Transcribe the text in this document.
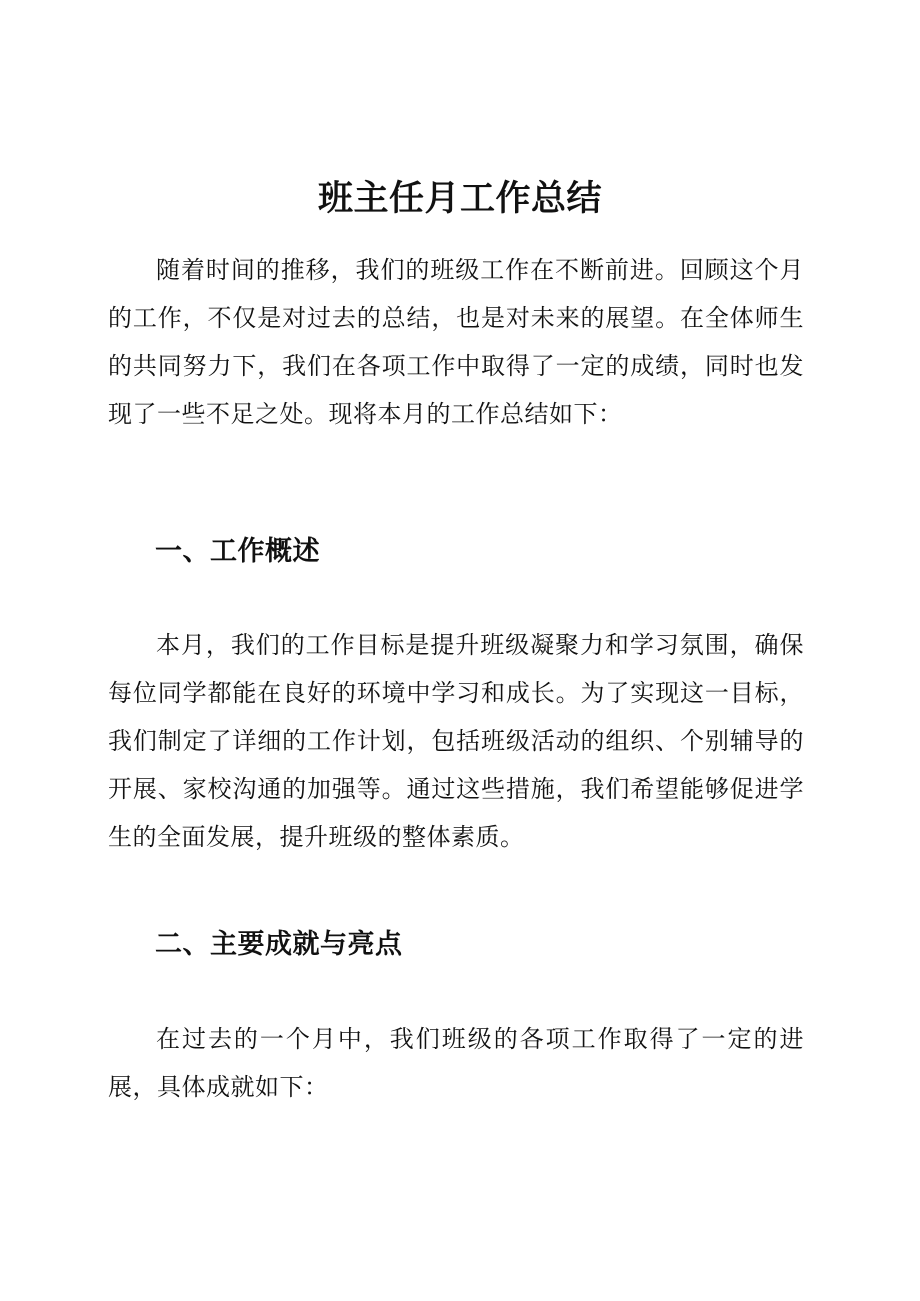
班主任月工作总结

随着时间的推移，我们的班级工作在不断前进。回顾这个月的工作，不仅是对过去的总结，也是对未来的展望。在全体师生的共同努力下，我们在各项工作中取得了一定的成绩，同时也发现了一些不足之处。现将本月的工作总结如下：

一、工作概述

本月，我们的工作目标是提升班级凝聚力和学习氛围，确保每位同学都能在良好的环境中学习和成长。为了实现这一目标，我们制定了详细的工作计划，包括班级活动的组织、个别辅导的开展、家校沟通的加强等。通过这些措施，我们希望能够促进学生的全面发展，提升班级的整体素质。

二、主要成就与亮点

在过去的一个月中，我们班级的各项工作取得了一定的进展，具体成就如下：
